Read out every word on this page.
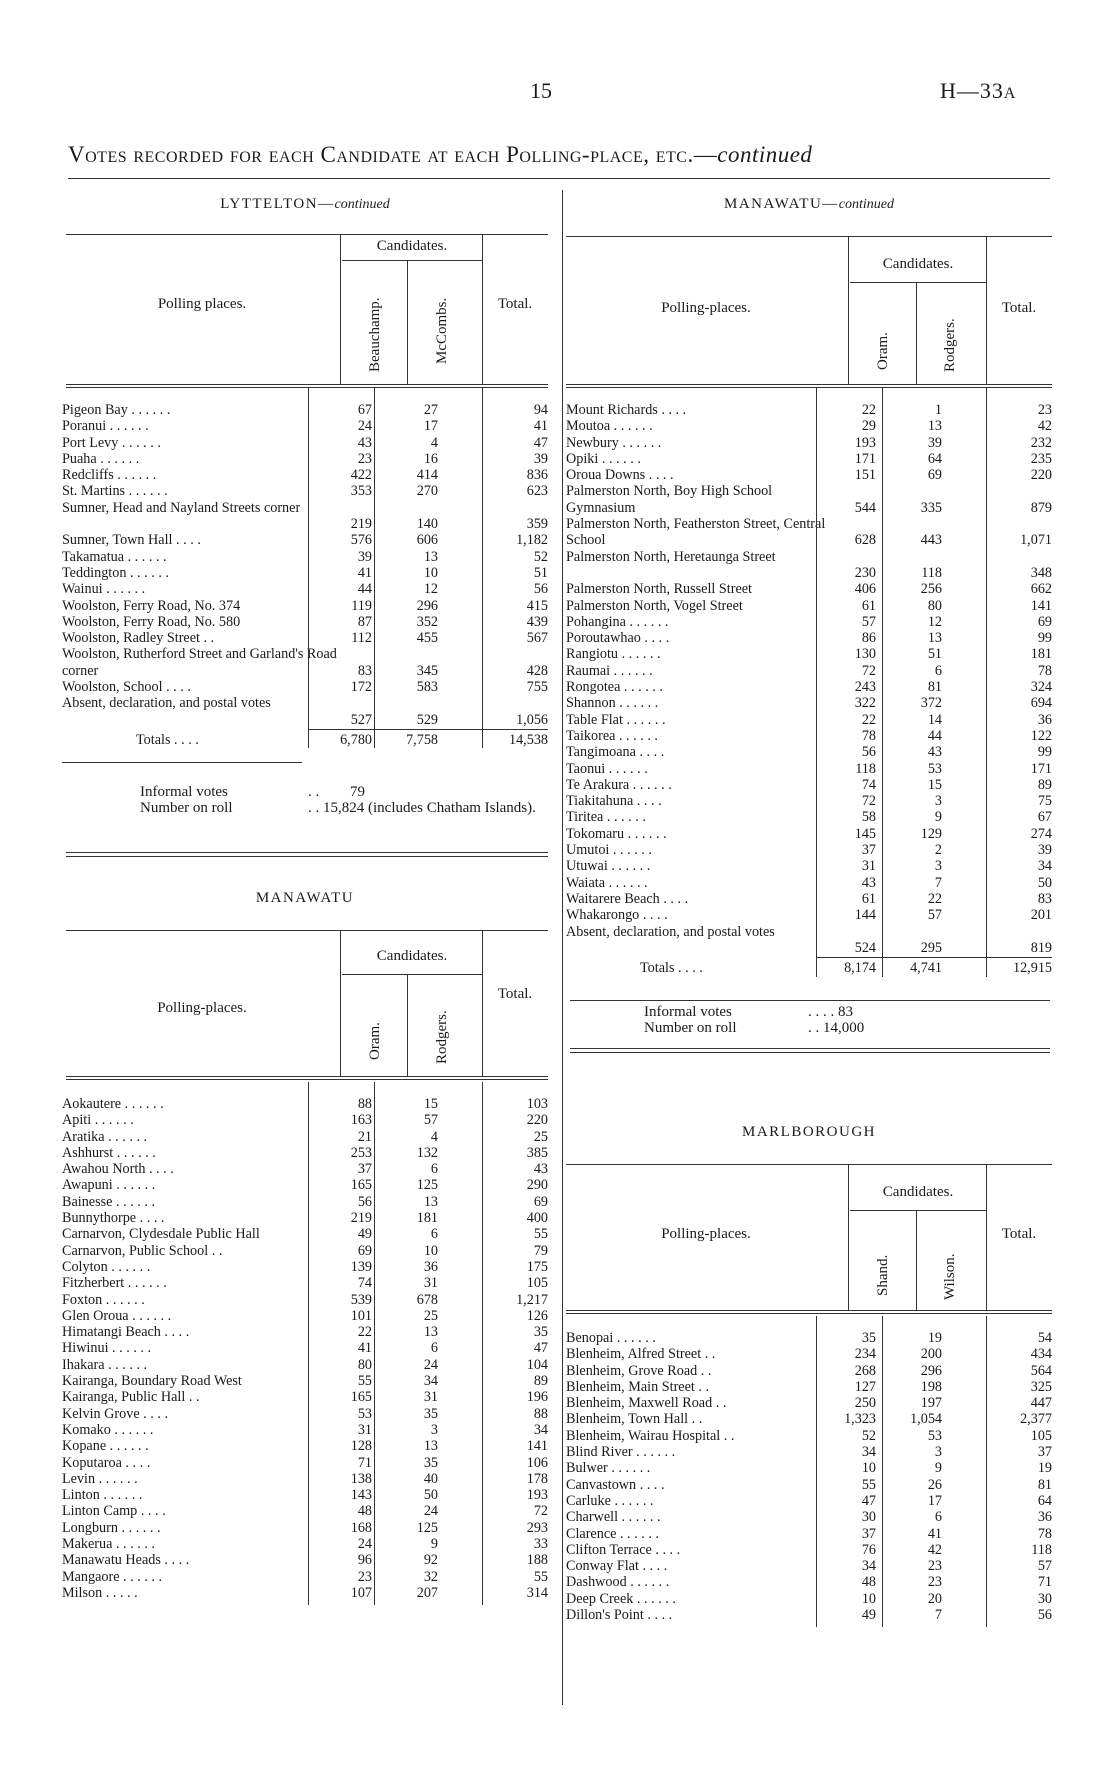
15	H—33A
Votes recorded for each Candidate at each Polling-place, etc.—continued
LYTTELTON—continued
Polling places.
Candidates.
Beauchamp.	McCombs.	Total.
Pigeon Bay . . . . . .	67	27	94
Poranui . . . . . .	24	17	41
Port Levy . . . . . .	43	4	47
Puaha . . . . . .	23	16	39
Redcliffs . . . . . .	422	414	836
St. Martins . . . . . .	353	270	623
Sumner, Head and Nayland Streets corner
219	140	359
Sumner, Town Hall . . . .	576	606	1,182
Takamatua . . . . . .	39	13	52
Teddington . . . . . .	41	10	51
Wainui . . . . . .	44	12	56
Woolston, Ferry Road, No. 374	119	296	415
Woolston, Ferry Road, No. 580	87	352	439
Woolston, Radley Street . .	112	455	567
Woolston, Rutherford Street and Garland's Road corner	83	345	428
Woolston, School . . . .	172	583	755
Absent, declaration, and postal votes
527	529	1,056
Totals . . . .	6,780	7,758	14,538
Informal votes	. . 79
Number on roll	. . 15,824 (includes Chatham Islands).
MANAWATU
Polling-places.
Candidates.
Oram.	Rodgers.
Total.
Aokautere . . . . . .	88	15	103
Apiti . . . . . .	163	57	220
Aratika . . . . . .	21	4	25
Ashhurst . . . . . .	253	132	385
Awahou North . . . .	37	6	43
Awapuni . . . . . .	165	125	290
Bainesse . . . . . .	56	13	69
Bunnythorpe . . . .	219	181	400
Carnarvon, Clydesdale Public Hall	49	6	55
Carnarvon, Public School . .	69	10	79
Colyton . . . . . .	139	36	175
Fitzherbert . . . . . .	74	31	105
Foxton . . . . . .	539	678	1,217
Glen Oroua . . . . . .	101	25	126
Himatangi Beach . . . .	22	13	35
Hiwinui . . . . . .	41	6	47
Ihakara . . . . . .	80	24	104
Kairanga, Boundary Road West	55	34	89
Kairanga, Public Hall . .	165	31	196
Kelvin Grove . . . .	53	35	88
Komako . . . . . .	31	3	34
Kopane . . . . . .	128	13	141
Koputaroa . . . .	71	35	106
Levin . . . . . .	138	40	178
Linton . . . . . .	143	50	193
Linton Camp . . . .	48	24	72
Longburn . . . . . .	168	125	293
Makerua . . . . . .	24	9	33
Manawatu Heads . . . .	96	92	188
Mangaore . . . . . .	23	32	55
Milson . . . . .	107	207	314
MANAWATU—continued
Polling-places.
Candidates.
Oram.	Rodgers.
Total.
Mount Richards . . . .	22	1	23
Moutoa . . . . . .	29	13	42
Newbury . . . . . .	193	39	232
Opiki . . . . . .	171	64	235
Oroua Downs . . . .	151	69	220
Palmerston North, Boy High School Gymnasium	544	335	879
Palmerston North, Featherston Street, Central School	628	443	1,071
Palmerston North, Heretaunga Street
230	118	348
Palmerston North, Russell Street	406	256	662
Palmerston North, Vogel Street	61	80	141
Pohangina . . . . . .	57	12	69
Poroutawhao . . . .	86	13	99
Rangiotu . . . . . .	130	51	181
Raumai . . . . . .	72	6	78
Rongotea . . . . . .	243	81	324
Shannon . . . . . .	322	372	694
Table Flat . . . . . .	22	14	36
Taikorea . . . . . .	78	44	122
Tangimoana . . . .	56	43	99
Taonui . . . . . .	118	53	171
Te Arakura . . . . . .	74	15	89
Tiakitahuna . . . .	72	3	75
Tiritea . . . . . .	58	9	67
Tokomaru . . . . . .	145	129	274
Umutoi . . . . . .	37	2	39
Utuwai . . . . . .	31	3	34
Waiata . . . . . .	43	7	50
Waitarere Beach . . . .	61	22	83
Whakarongo . . . .	144	57	201
Absent, declaration, and postal votes
524	295	819
Totals . . . .	8,174	4,741	12,915
Informal votes	. . . . 83
Number on roll	. . 14,000
MARLBOROUGH
Polling-places.
Candidates.
Shand.	Wilson.
Total.
Benopai . . . . . .	35	19	54
Blenheim, Alfred Street . .	234	200	434
Blenheim, Grove Road . .	268	296	564
Blenheim, Main Street . .	127	198	325
Blenheim, Maxwell Road . .	250	197	447
Blenheim, Town Hall . .	1,323	1,054	2,377
Blenheim, Wairau Hospital . .	52	53	105
Blind River . . . . . .	34	3	37
Bulwer . . . . . .	10	9	19
Canvastown . . . .	55	26	81
Carluke . . . . . .	47	17	64
Charwell . . . . . .	30	6	36
Clarence . . . . . .	37	41	78
Clifton Terrace . . . .	76	42	118
Conway Flat . . . .	34	23	57
Dashwood . . . . . .	48	23	71
Deep Creek . . . . . .	10	20	30
Dillon's Point . . . .	49	7	56
